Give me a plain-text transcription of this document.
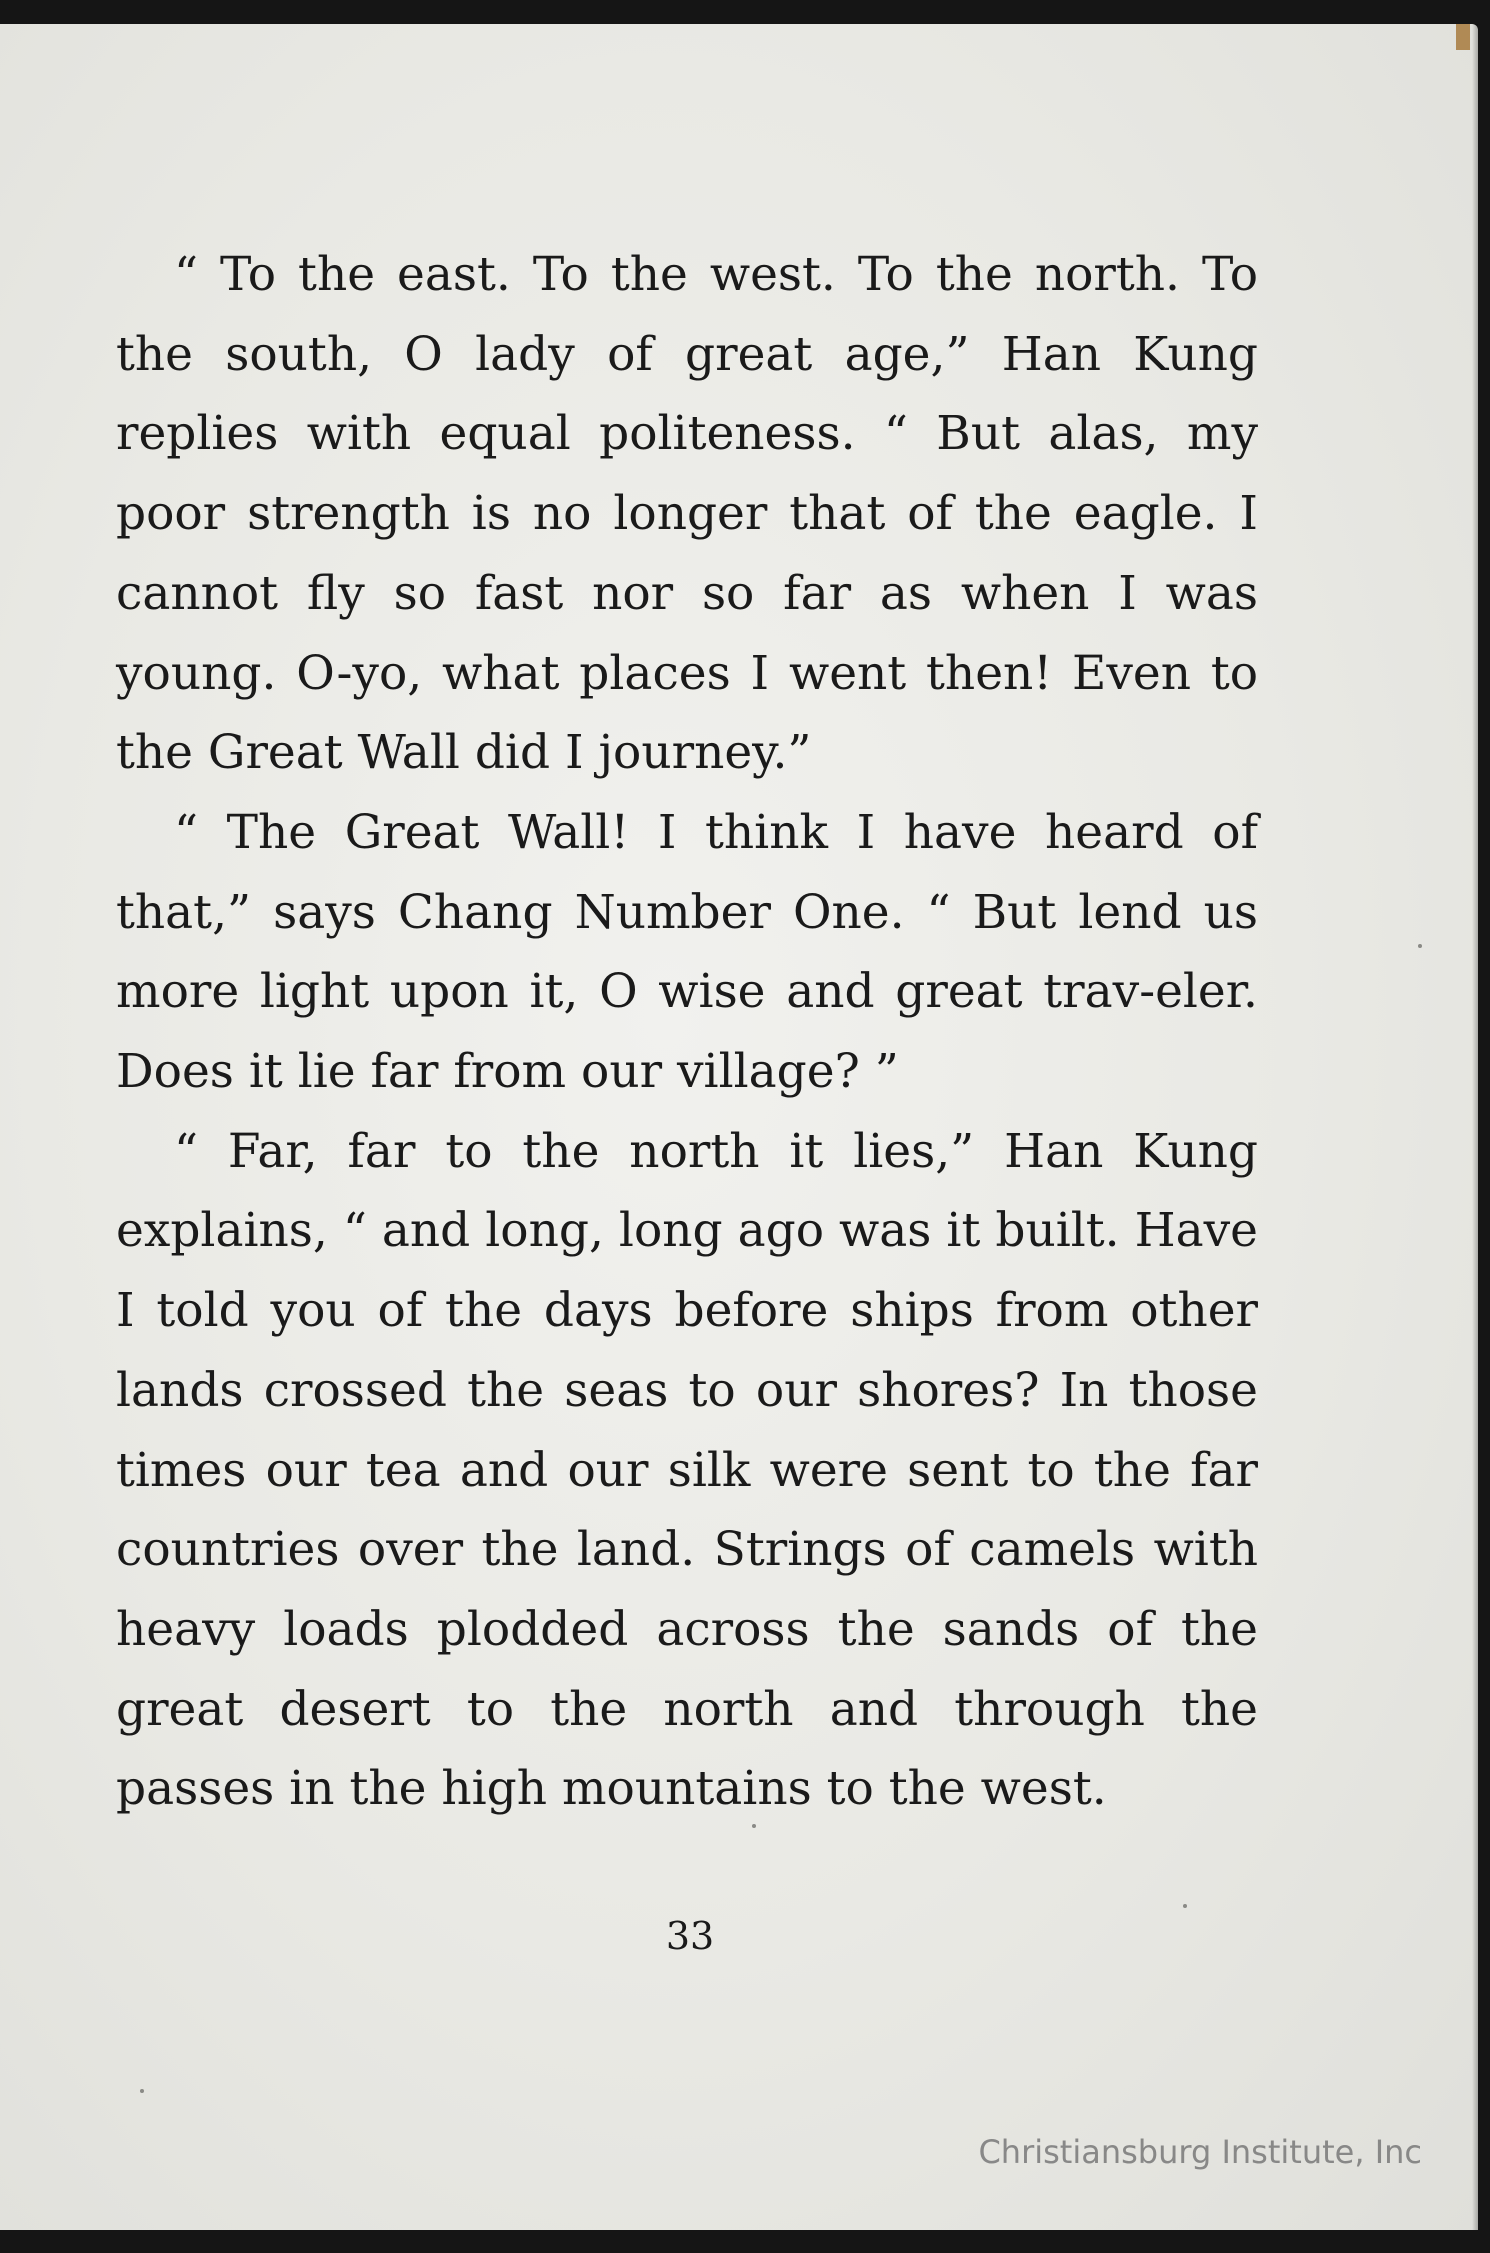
“ To the east. To the west. To the north. To the south, O lady of great age,” Han Kung replies with equal politeness. “ But alas, my poor strength is no longer that of the eagle. I cannot fly so fast nor so far as when I was young. O-yo, what places I went then! Even to the Great Wall did I journey.”

“ The Great Wall! I think I have heard of that,” says Chang Number One. “ But lend us more light upon it, O wise and great trav-eler. Does it lie far from our village? ”

“ Far, far to the north it lies,” Han Kung explains, “ and long, long ago was it built. Have I told you of the days before ships from other lands crossed the seas to our shores? In those times our tea and our silk were sent to the far countries over the land. Strings of camels with heavy loads plodded across the sands of the great desert to the north and through the passes in the high mountains to the west.

33
Christiansburg Institute, Inc
